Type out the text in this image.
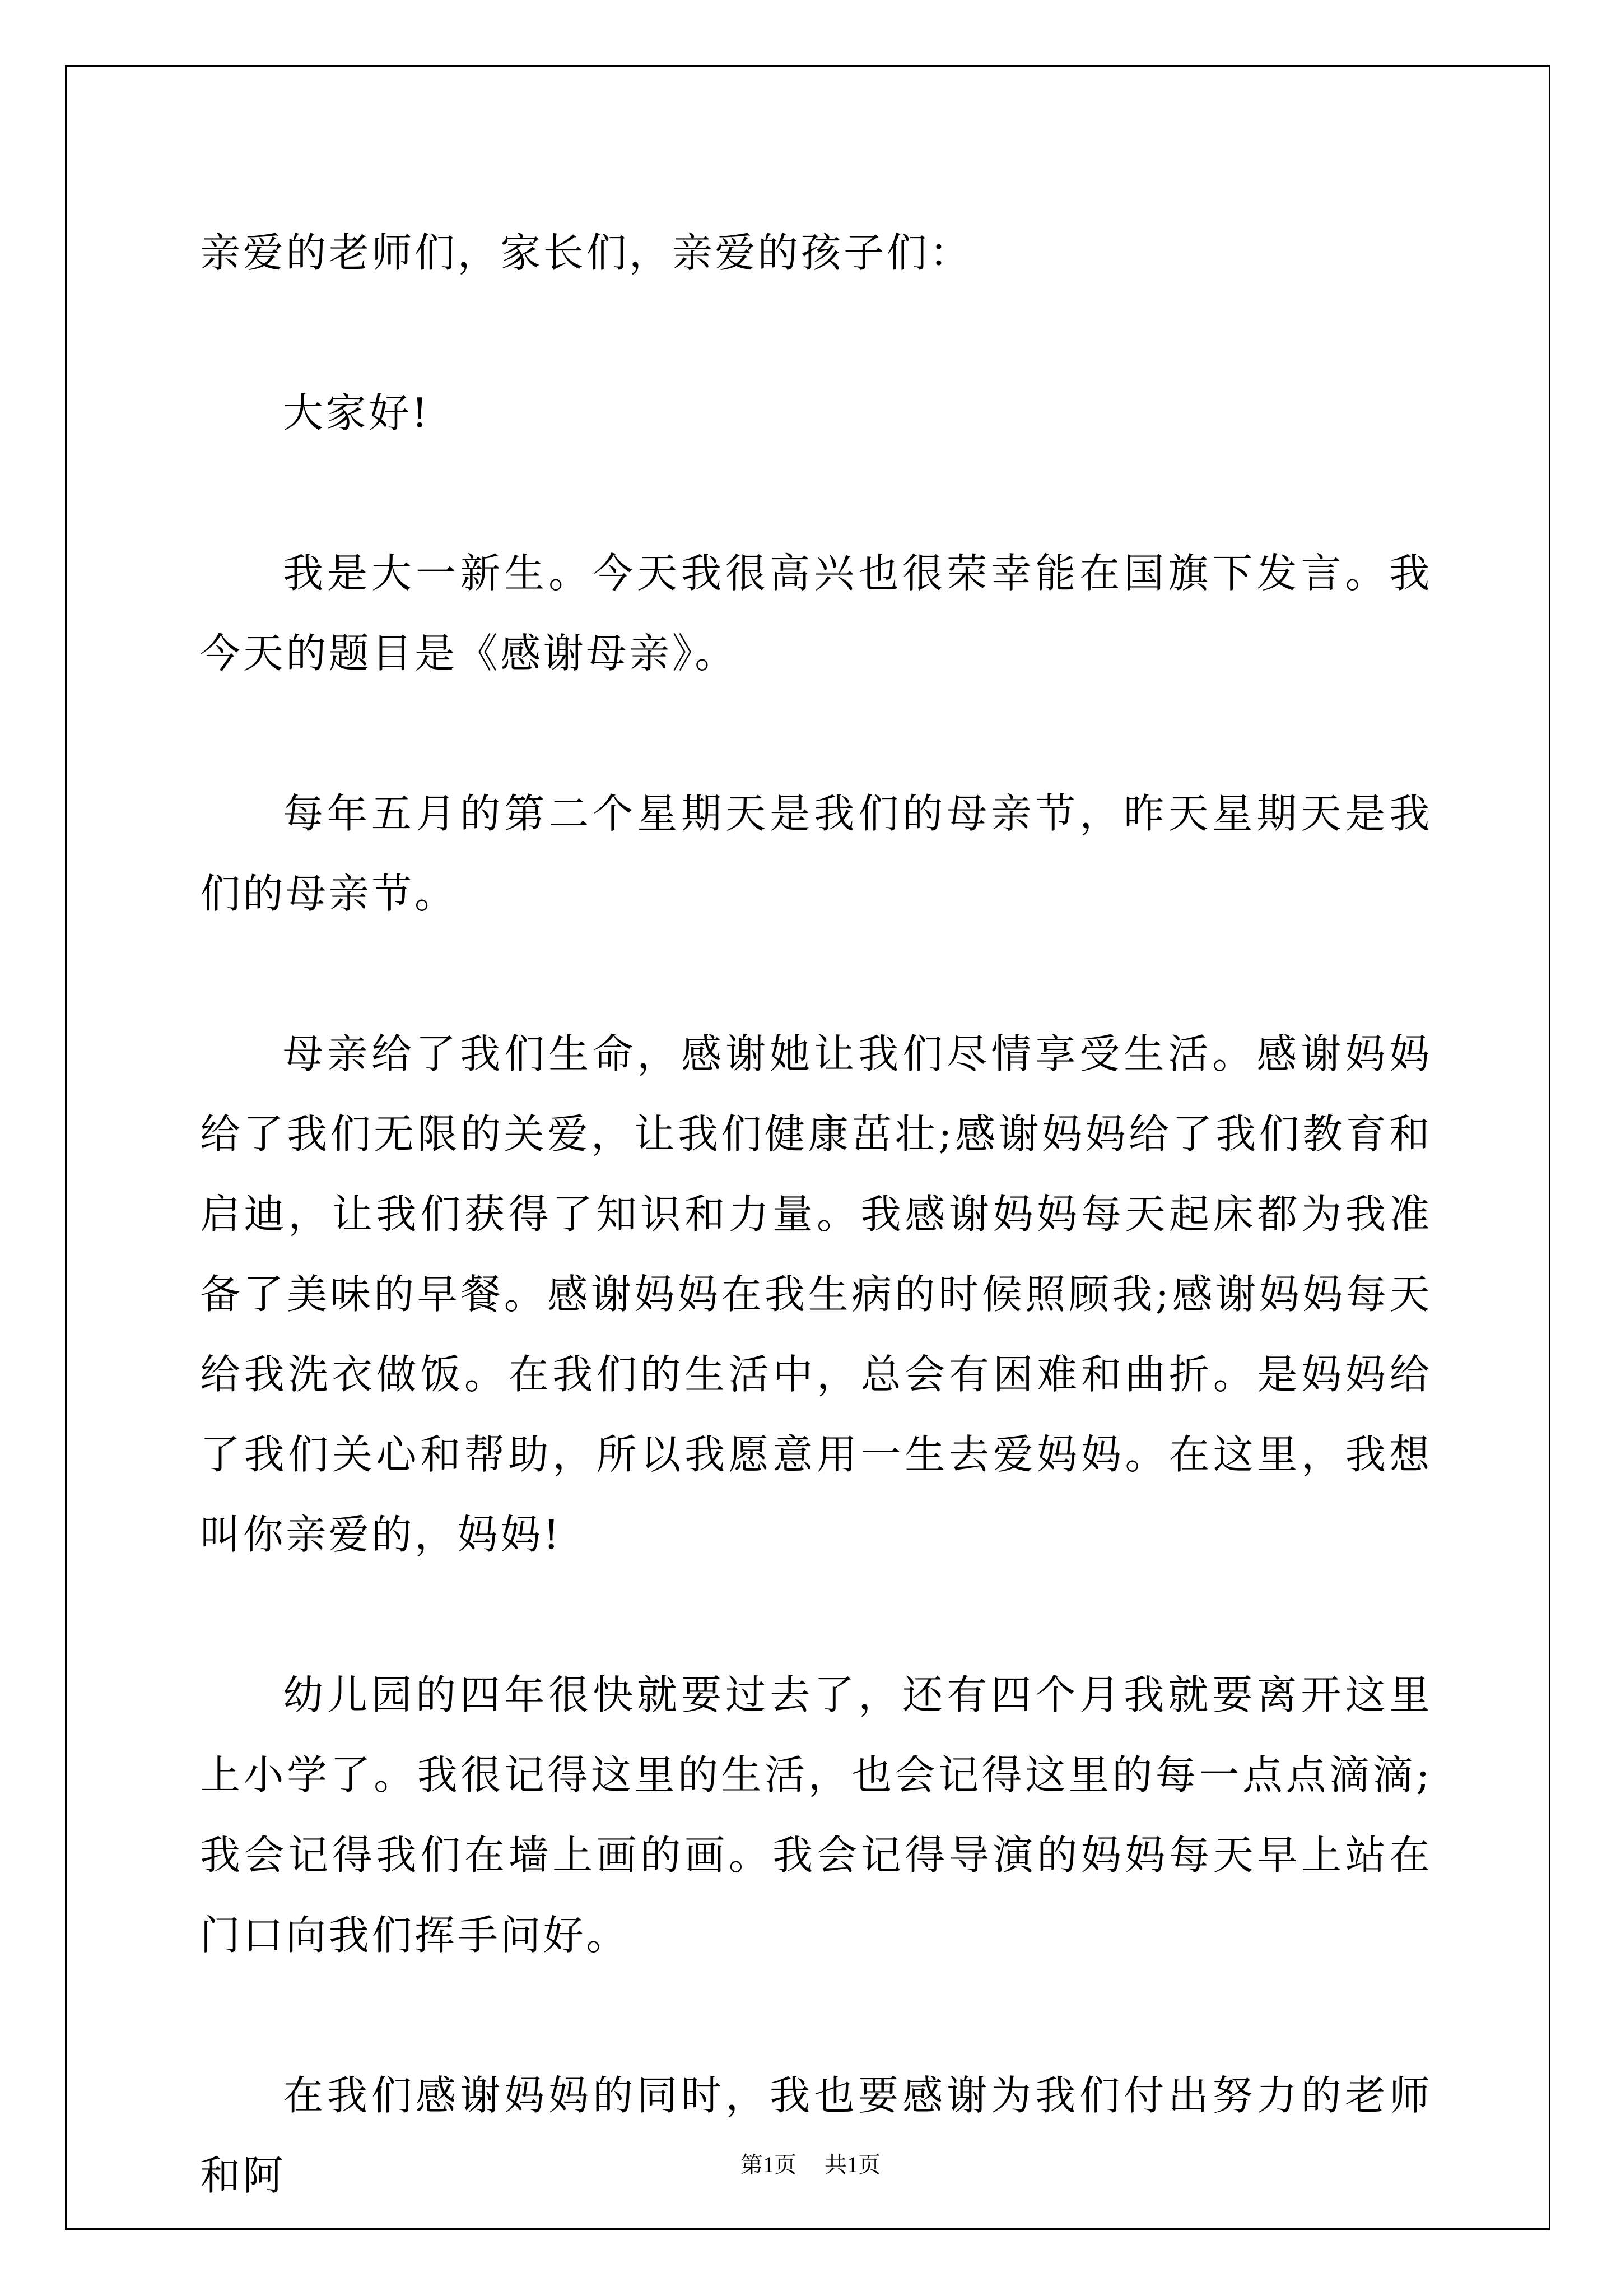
亲爱的老师们，家长们，亲爱的孩子们：

大家好!

我是大一新生。今天我很高兴也很荣幸能在国旗下发言。我今天的题目是《感谢母亲》。

每年五月的第二个星期天是我们的母亲节，昨天星期天是我们的母亲节。

母亲给了我们生命，感谢她让我们尽情享受生活。感谢妈妈给了我们无限的关爱，让我们健康茁壮;感谢妈妈给了我们教育和启迪，让我们获得了知识和力量。我感谢妈妈每天起床都为我准备了美味的早餐。感谢妈妈在我生病的时候照顾我;感谢妈妈每天给我洗衣做饭。在我们的生活中，总会有困难和曲折。是妈妈给了我们关心和帮助，所以我愿意用一生去爱妈妈。在这里，我想叫你亲爱的，妈妈!

幼儿园的四年很快就要过去了，还有四个月我就要离开这里上小学了。我很记得这里的生活，也会记得这里的每一点点滴滴;我会记得我们在墙上画的画。我会记得导演的妈妈每天早上站在门口向我们挥手问好。

在我们感谢妈妈的同时，我也要感谢为我们付出努力的老师和阿	第1页 共1页
